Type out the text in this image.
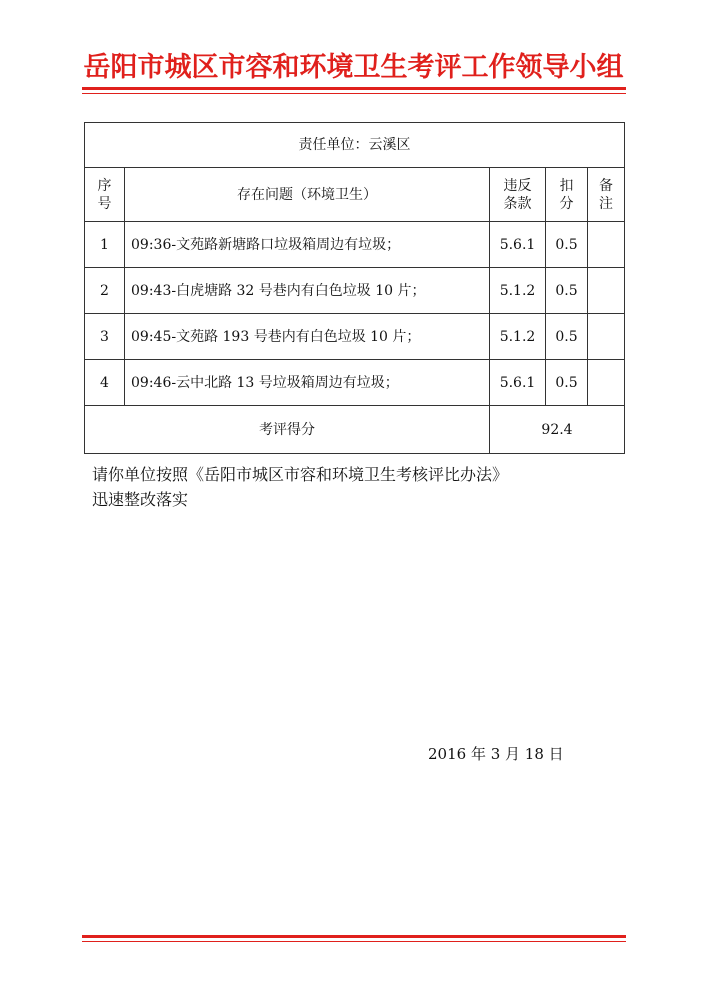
岳阳市城区市容和环境卫生考评工作领导小组
责任单位：云溪区				
序号	存在问题（环境卫生）	违反条款	扣分	备注
1	09:36-文苑路新塘路口垃圾箱周边有垃圾；	5.6.1	0.5	
2	09:43-白虎塘路 32 号巷内有白色垃圾 10 片；	5.1.2	0.5	
3	09:45-文苑路 193 号巷内有白色垃圾 10 片；	5.1.2	0.5	
4	09:46-云中北路 13 号垃圾箱周边有垃圾；	5.6.1	0.5	
考评得分		92.4		
请你单位按照《岳阳市城区市容和环境卫生考核评比办法》
迅速整改落实
2016 年 3 月 18 日
